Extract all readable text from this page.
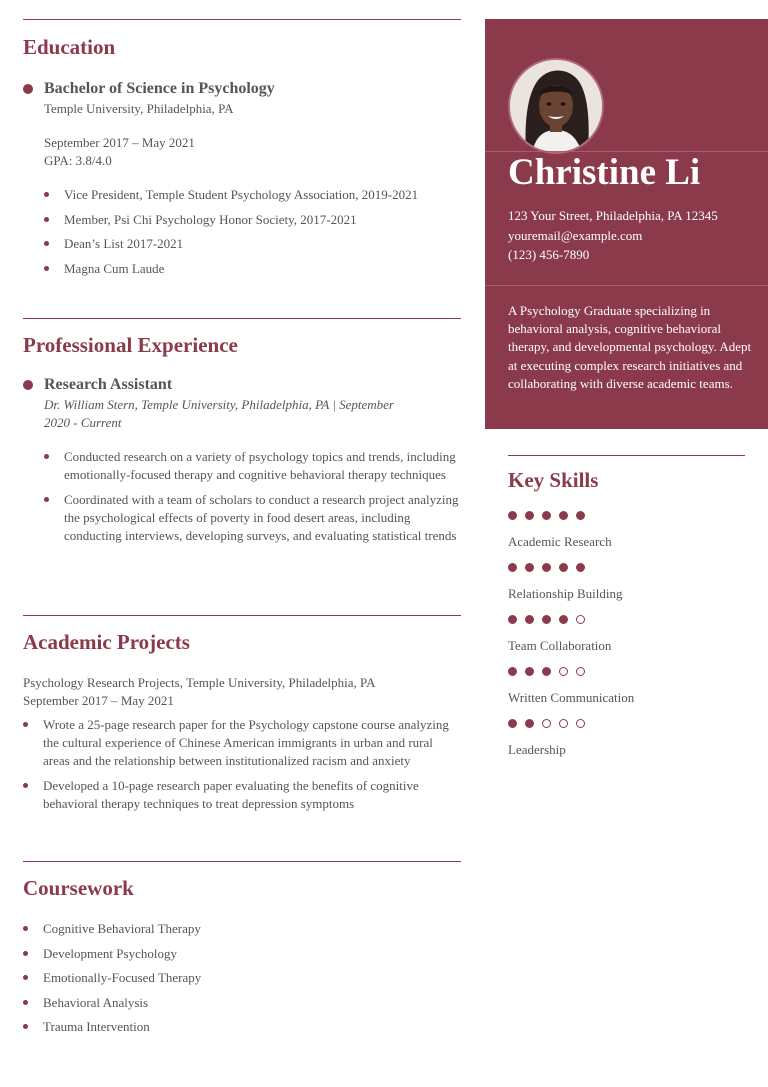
Education
Bachelor of Science in Psychology
Temple University, Philadelphia, PA
September 2017 – May 2021
GPA: 3.8/4.0
Vice President, Temple Student Psychology Association, 2019-2021
Member, Psi Chi Psychology Honor Society, 2017-2021
Dean’s List 2017-2021
Magna Cum Laude
Professional Experience
Research Assistant
Dr. William Stern, Temple University, Philadelphia, PA | September
2020 - Current
Conducted research on a variety of psychology topics and trends, including emotionally-focused therapy and cognitive behavioral therapy techniques
Coordinated with a team of scholars to conduct a research project analyzing the psychological effects of poverty in food desert areas, including conducting interviews, developing surveys, and evaluating statistical trends
Academic Projects
Psychology Research Projects, Temple University, Philadelphia, PA
September 2017 – May 2021
Wrote a 25-page research paper for the Psychology capstone course analyzing the cultural experience of Chinese American immigrants in urban and rural areas and the relationship between institutionalized racism and anxiety
Developed a 10-page research paper evaluating the benefits of cognitive behavioral therapy techniques to treat depression symptoms
Coursework
Cognitive Behavioral Therapy
Development Psychology
Emotionally-Focused Therapy
Behavioral Analysis
Trauma Intervention
Christine Li
123 Your Street, Philadelphia, PA 12345
youremail@example.com
(123) 456-7890
A Psychology Graduate specializing in behavioral analysis, cognitive behavioral therapy, and developmental psychology. Adept at executing complex research initiatives and collaborating with diverse academic teams.
Key Skills
Academic Research
Relationship Building
Team Collaboration
Written Communication
Leadership
